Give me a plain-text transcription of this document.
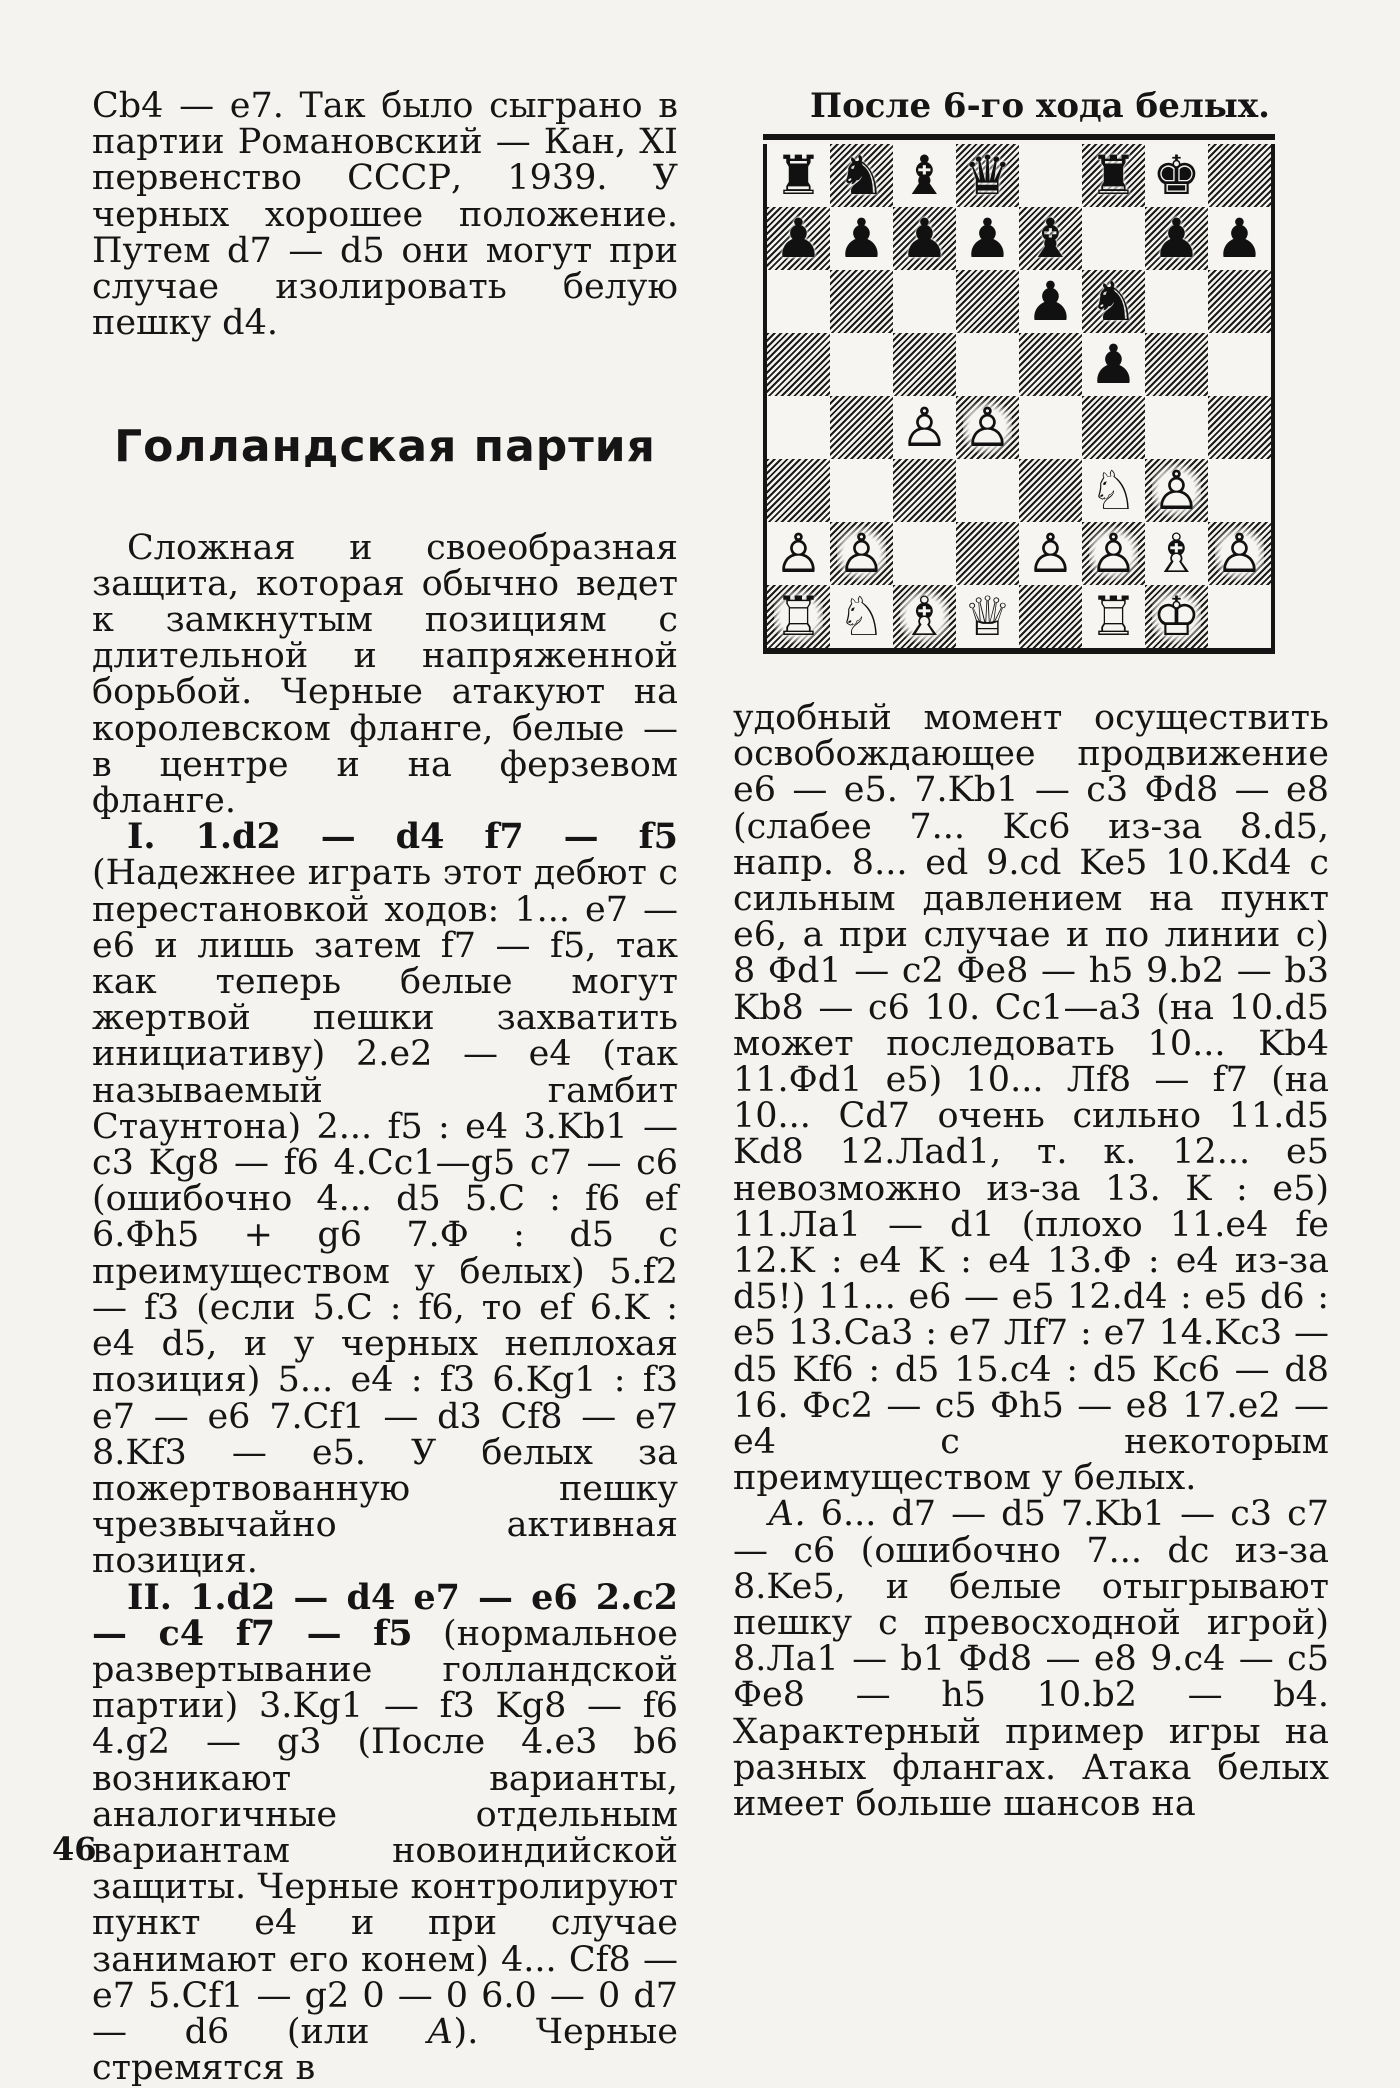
Cb4 — e7. Так было сыграно в партии Романовский — Кан, XI первенство СССР, 1939. У черных хорошее положение. Путем d7 — d5 они могут при случае изолировать белую пешку d4.

Голландская партия

Сложная и своеобразная защита, которая обычно ведет к замкнутым позициям с длительной и напряженной борьбой. Черные атакуют на королевском фланге, белые — в центре и на ферзевом фланге.

I. 1.d2 — d4 f7 — f5 (Надежнее играть этот дебют с перестановкой ходов: 1... e7 — e6 и лишь затем f7 — f5, так как теперь белые могут жертвой пешки захватить инициативу) 2.e2 — e4 (так называемый гамбит Стаунтона) 2... f5 : e4 3.Kb1 — c3 Kg8 — f6 4.Cc1—g5 c7 — c6 (ошибочно 4... d5 5.C : f6 ef 6.Фh5 + g6 7.Ф : d5 с преимуществом у белых) 5.f2 — f3 (если 5.C : f6, то ef 6.K : e4 d5, и у черных неплохая позиция) 5... e4 : f3 6.Kg1 : f3 e7 — e6 7.Cf1 — d3 Cf8 — e7 8.Kf3 — e5. У белых за пожертвованную пешку чрезвычайно активная позиция.

II. 1.d2 — d4 e7 — e6 2.c2 — c4 f7 — f5 (нормальное развертывание голландской партии) 3.Kg1 — f3 Kg8 — f6 4.g2 — g3 (После 4.e3 b6 возникают варианты, аналогичные отдельным вариантам новоиндийской защиты. Черные контролируют пункт e4 и при случае занимают его конем) 4... Cf8 — e7 5.Cf1 — g2 0 — 0 6.0 — 0 d7 — d6 (или А). Черные стремятся в

После 6-го хода белых.
♜ ♞ ♝ ♛ ♜ ♚
♟ ♟ ♟ ♟ ♝ ♟ ♟
♟ ♞
♟
♙ ♙
♘ ♙
♙ ♙	♙ ♙ ♗ ♙
♖ ♘ ♗ ♕ ♖ ♔

удобный момент осуществить освобождающее продвижение e6 — e5. 7.Kb1 — c3 Фd8 — e8 (слабее 7... Kc6 из-за 8.d5, напр. 8... ed 9.cd Ke5 10.Kd4 с сильным давлением на пункт e6, а при случае и по линии c) 8 Фd1 — c2 Фe8 — h5 9.b2 — b3 Kb8 — c6 10. Cc1—a3 (на 10.d5 может последовать 10... Kb4 11.Фd1 e5) 10... Лf8 — f7 (на 10... Cd7 очень сильно 11.d5 Kd8 12.Лad1, т. к. 12... e5 невозможно из-за 13. K : e5) 11.Лa1 — d1 (плохо 11.e4 fe 12.K : e4 K : e4 13.Ф : e4 из-за d5!) 11... e6 — e5 12.d4 : e5 d6 : e5 13.Ca3 : e7 Лf7 : e7 14.Kc3 — d5 Kf6 : d5 15.c4 : d5 Kc6 — d8 16. Фc2 — c5 Фh5 — e8 17.e2 — e4 с некоторым преимуществом у белых.

А. 6... d7 — d5 7.Kb1 — c3 c7 — c6 (ошибочно 7... dc из-за 8.Ke5, и белые отыгрывают пешку с превосходной игрой) 8.Лa1 — b1 Фd8 — e8 9.c4 — c5 Фe8 — h5 10.b2 — b4. Характерный пример игры на разных флангах. Атака белых имеет больше шансов на

46
